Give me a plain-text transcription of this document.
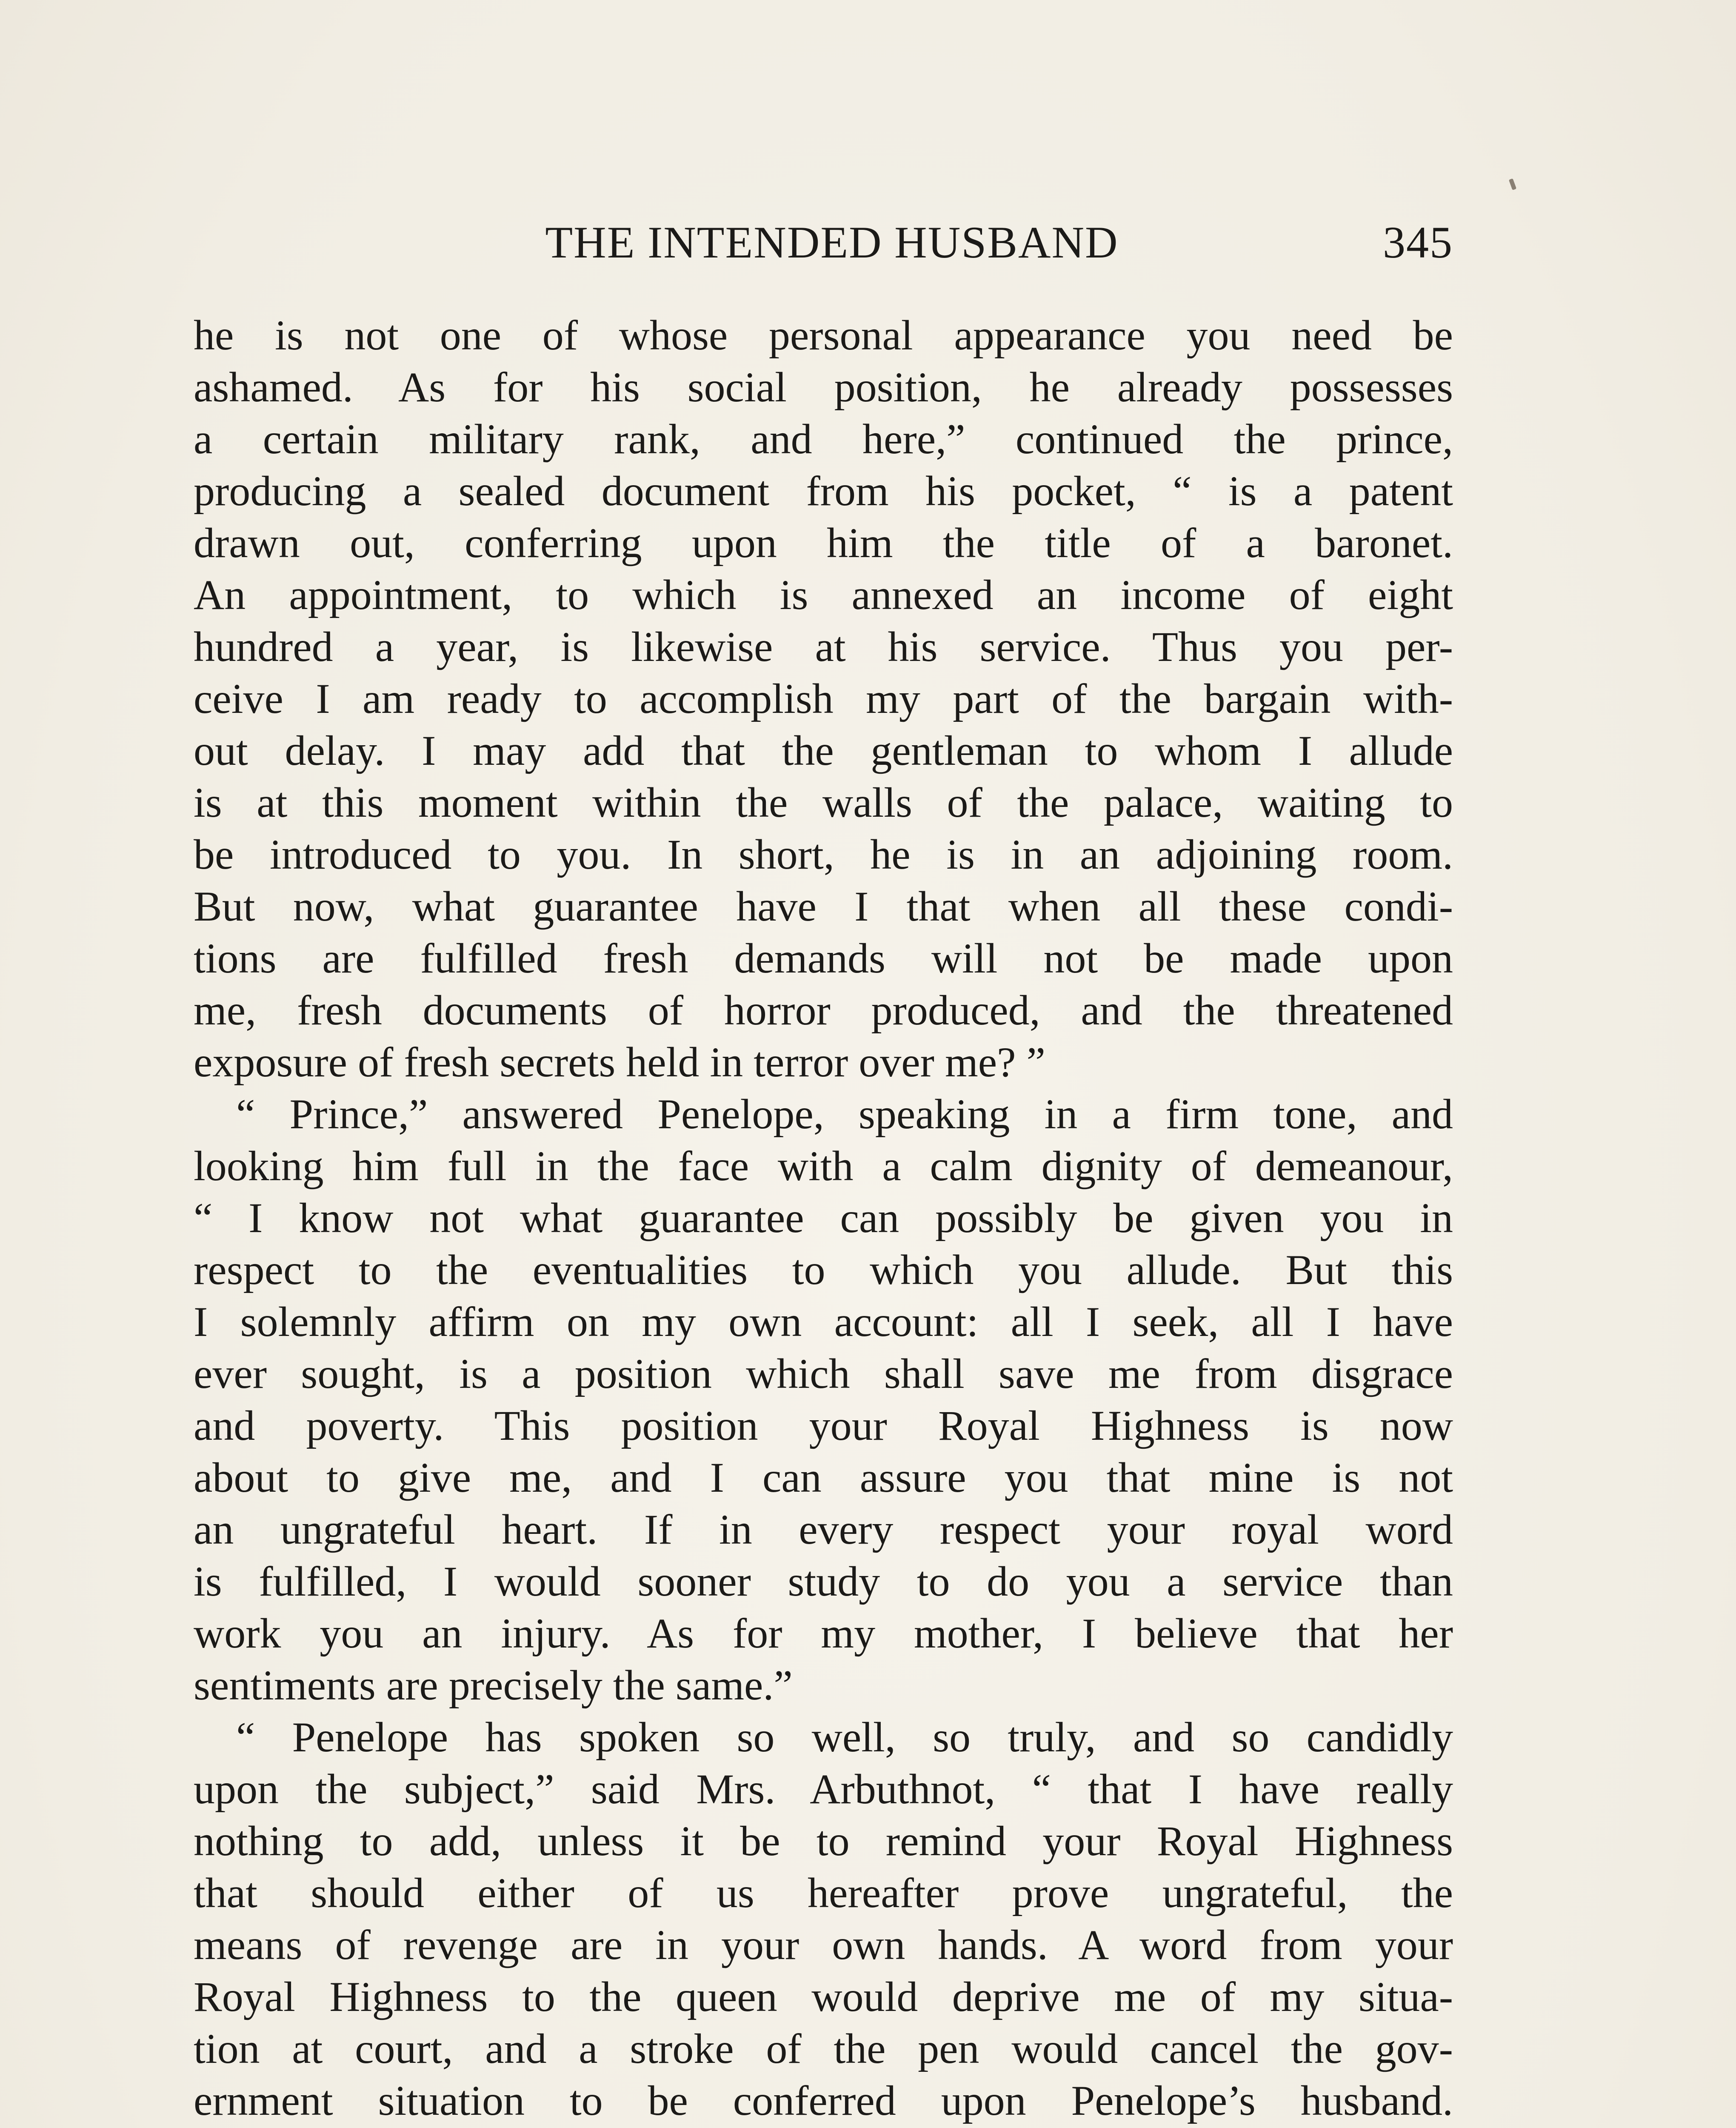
THE INTENDED HUSBAND	345
he is not one of whose personal appearance you need be
ashamed. As for his social position, he already possesses
a certain military rank, and here,” continued the prince,
producing a sealed document from his pocket, “ is a patent
drawn out, conferring upon him the title of a baronet.
An appointment, to which is annexed an income of eight
hundred a year, is likewise at his service. Thus you per-
ceive I am ready to accomplish my part of the bargain with-
out delay. I may add that the gentleman to whom I allude
is at this moment within the walls of the palace, waiting to
be introduced to you. In short, he is in an adjoining room.
But now, what guarantee have I that when all these condi-
tions are fulfilled fresh demands will not be made upon
me, fresh documents of horror produced, and the threatened
exposure of fresh secrets held in terror over me? ”
“ Prince,” answered Penelope, speaking in a firm tone, and
looking him full in the face with a calm dignity of demeanour,
“ I know not what guarantee can possibly be given you in
respect to the eventualities to which you allude. But this
I solemnly affirm on my own account: all I seek, all I have
ever sought, is a position which shall save me from disgrace
and poverty. This position your Royal Highness is now
about to give me, and I can assure you that mine is not
an ungrateful heart. If in every respect your royal word
is fulfilled, I would sooner study to do you a service than
work you an injury. As for my mother, I believe that her
sentiments are precisely the same.”
“ Penelope has spoken so well, so truly, and so candidly
upon the subject,” said Mrs. Arbuthnot, “ that I have really
nothing to add, unless it be to remind your Royal Highness
that should either of us hereafter prove ungrateful, the
means of revenge are in your own hands. A word from your
Royal Highness to the queen would deprive me of my situa-
tion at court, and a stroke of the pen would cancel the gov-
ernment situation to be conferred upon Penelope’s husband.
